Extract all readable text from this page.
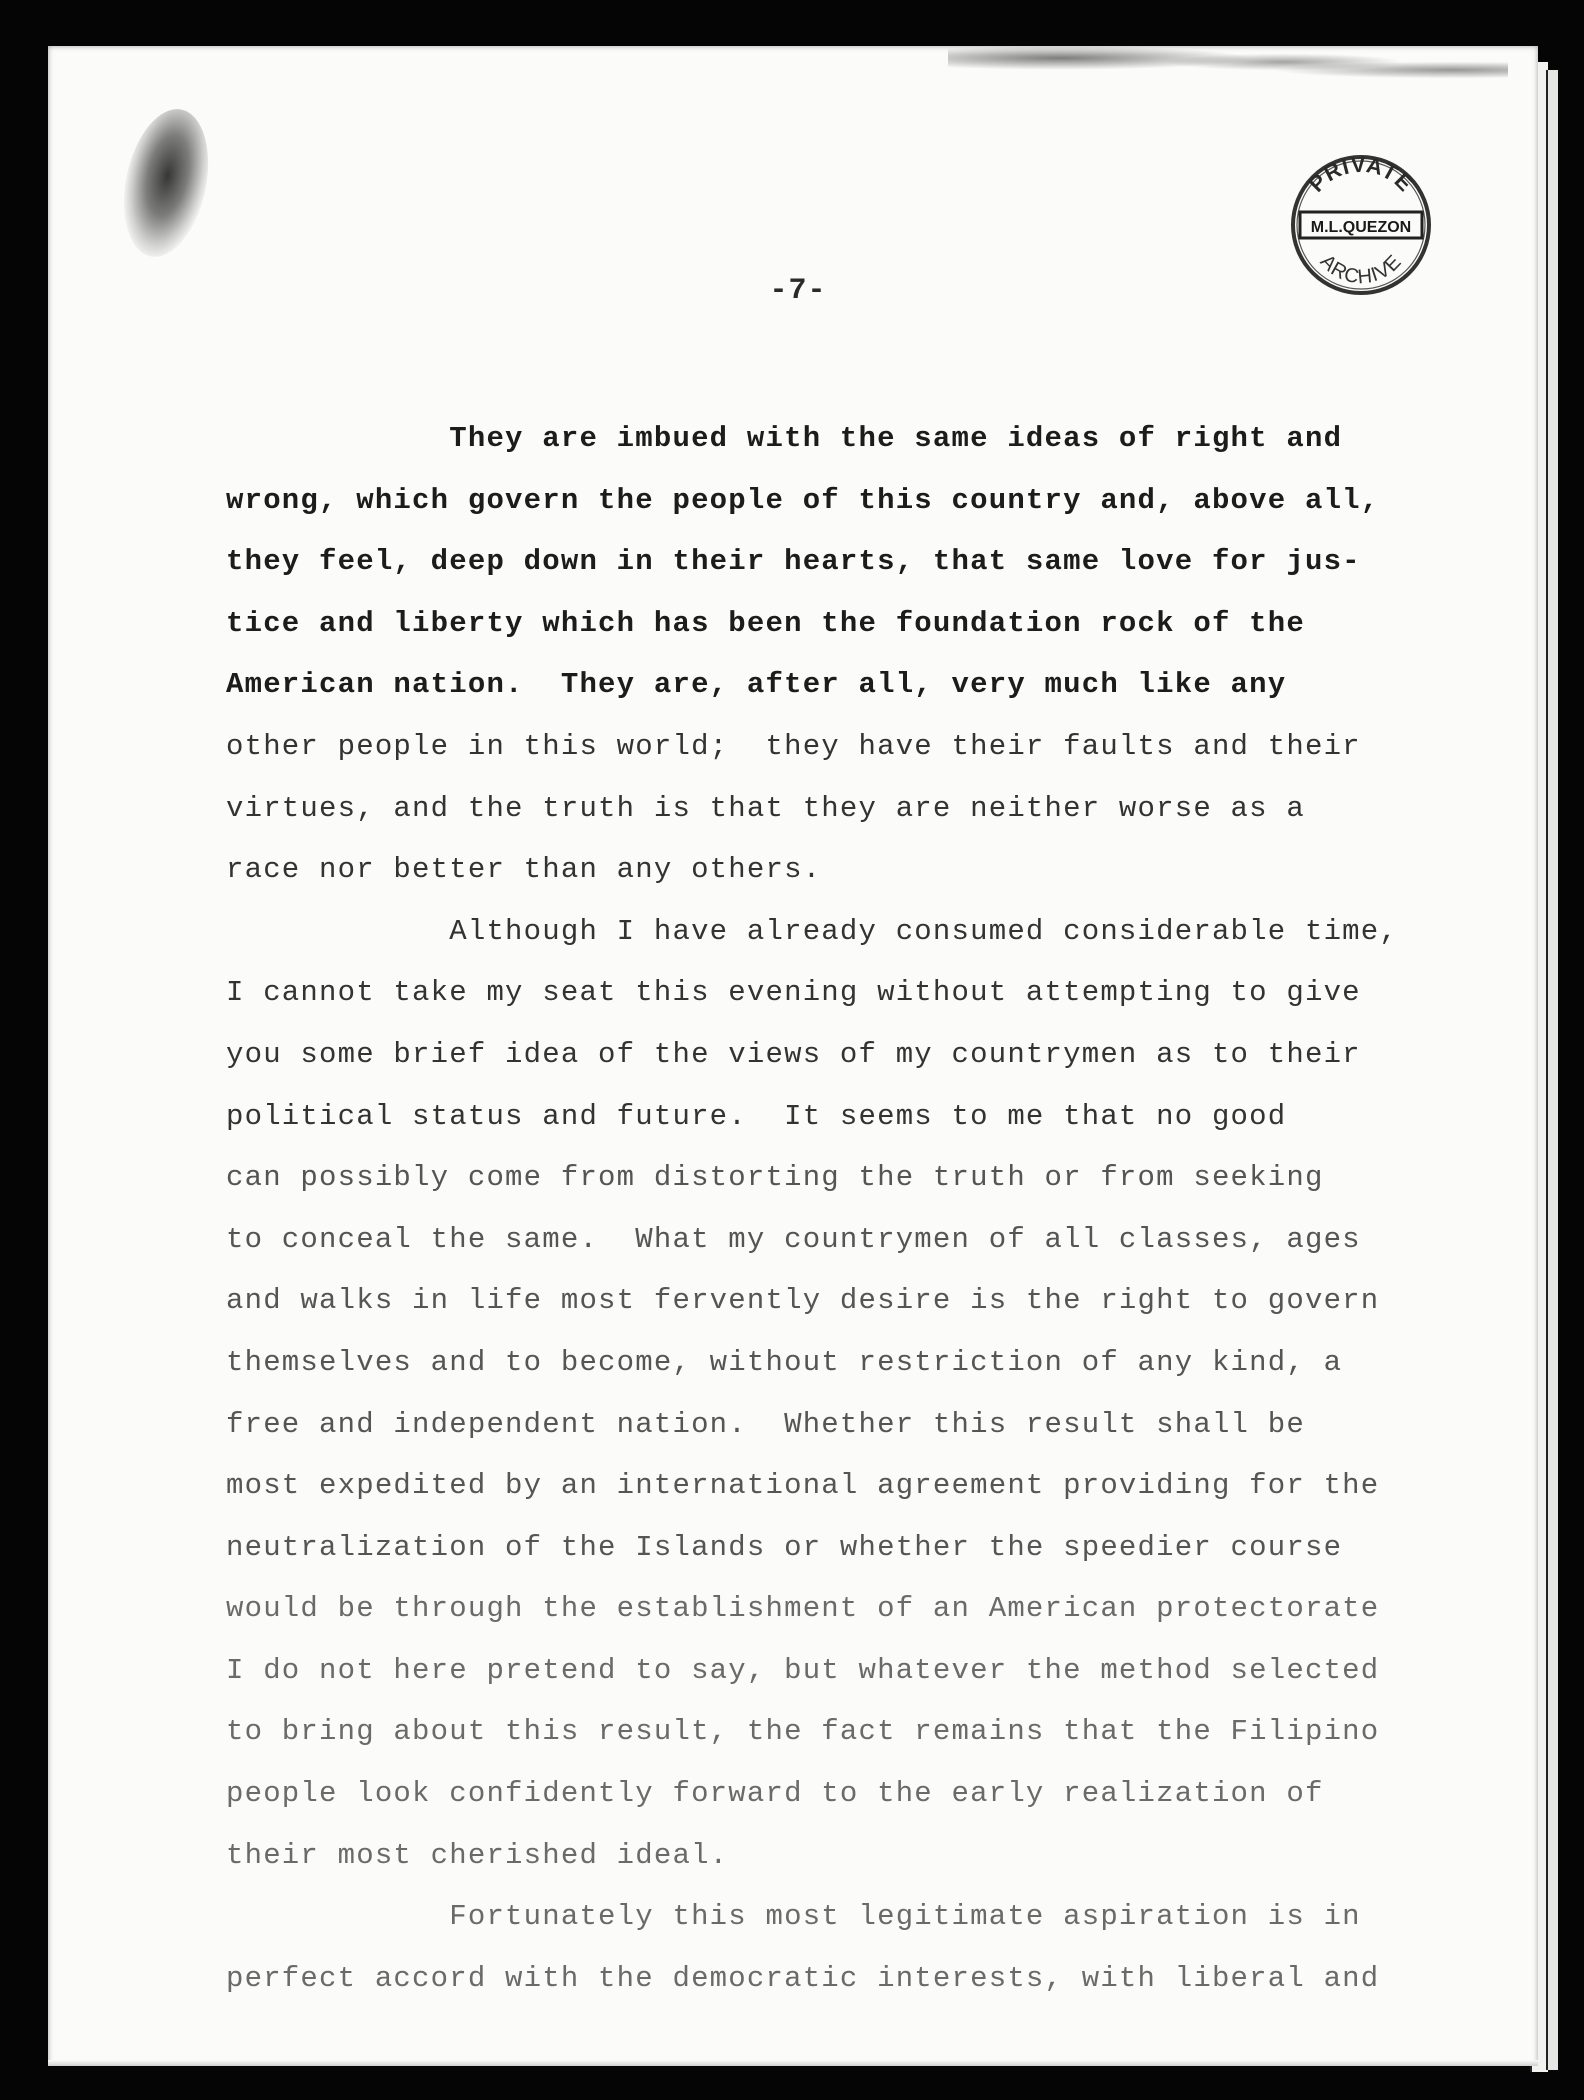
PRIVATE
M.L.QUEZON
ARCHIVE
-7-
They are imbued with the same ideas of right and
wrong, which govern the people of this country and, above all,
they feel, deep down in their hearts, that same love for jus-
tice and liberty which has been the foundation rock of the
American nation.  They are, after all, very much like any
other people in this world;  they have their faults and their
virtues, and the truth is that they are neither worse as a
race nor better than any others.
Although I have already consumed considerable time,
I cannot take my seat this evening without attempting to give
you some brief idea of the views of my countrymen as to their
political status and future.  It seems to me that no good
can possibly come from distorting the truth or from seeking
to conceal the same.  What my countrymen of all classes, ages
and walks in life most fervently desire is the right to govern
themselves and to become, without restriction of any kind, a
free and independent nation.  Whether this result shall be
most expedited by an international agreement providing for the
neutralization of the Islands or whether the speedier course
would be through the establishment of an American protectorate
I do not here pretend to say, but whatever the method selected
to bring about this result, the fact remains that the Filipino
people look confidently forward to the early realization of
their most cherished ideal.
Fortunately this most legitimate aspiration is in
perfect accord with the democratic interests, with liberal and
